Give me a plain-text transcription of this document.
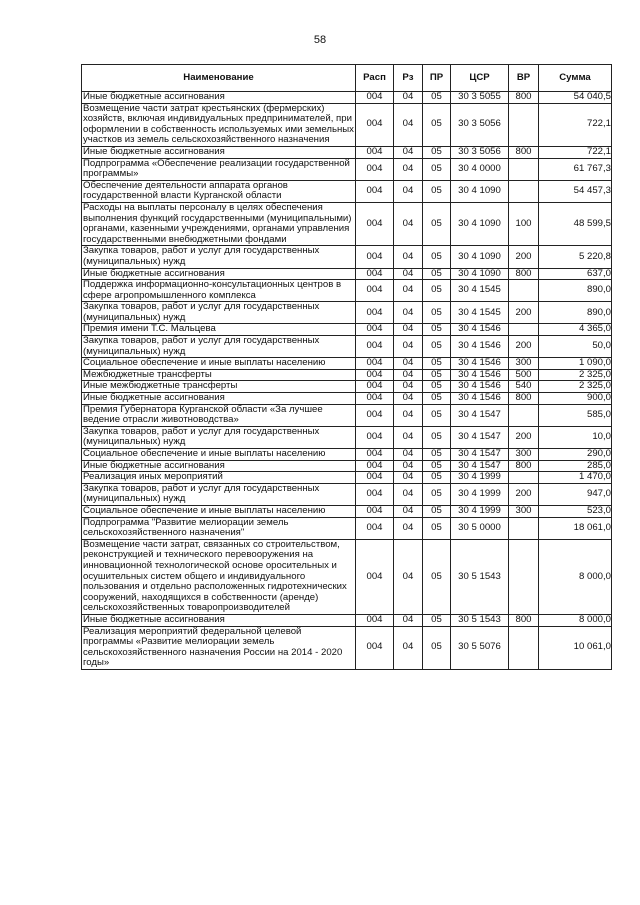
58
Наименование	Расп	Рз	ПР	ЦСР	ВР	Сумма
Иные бюджетные ассигнования	004	04	05	30 3 5055	800	54 040,5
Возмещение части затрат крестьянских (фермерских) хозяйств, включая индивидуальных предпринимателей, при оформлении в собственность используемых ими земельных участков из земель сельскохозяйственного назначения	004	04	05	30 3 5056		722,1
Иные бюджетные ассигнования	004	04	05	30 3 5056	800	722,1
Подпрограмма «Обеспечение реализации государственной программы»	004	04	05	30 4 0000		61 767,3
Обеспечение деятельности аппарата органов государственной власти Курганской области	004	04	05	30 4 1090		54 457,3
Расходы на выплаты персоналу в целях обеспечения выполнения функций государственными (муниципальными) органами, казенными учреждениями, органами управления государственными внебюджетными фондами	004	04	05	30 4 1090	100	48 599,5
Закупка товаров, работ и услуг для государственных (муниципальных) нужд	004	04	05	30 4 1090	200	5 220,8
Иные бюджетные ассигнования	004	04	05	30 4 1090	800	637,0
Поддержка информационно-консультационных центров в сфере агропромышленного комплекса	004	04	05	30 4 1545		890,0
Закупка товаров, работ и услуг для государственных (муниципальных) нужд	004	04	05	30 4 1545	200	890,0
Премия имени Т.С. Мальцева	004	04	05	30 4 1546		4 365,0
Закупка товаров, работ и услуг для государственных (муниципальных) нужд	004	04	05	30 4 1546	200	50,0
Социальное обеспечение и иные выплаты населению	004	04	05	30 4 1546	300	1 090,0
Межбюджетные трансферты	004	04	05	30 4 1546	500	2 325,0
Иные межбюджетные трансферты	004	04	05	30 4 1546	540	2 325,0
Иные бюджетные ассигнования	004	04	05	30 4 1546	800	900,0
Премия Губернатора Курганской области «За лучшее ведение отрасли животноводства»	004	04	05	30 4 1547		585,0
Закупка товаров, работ и услуг для государственных (муниципальных) нужд	004	04	05	30 4 1547	200	10,0
Социальное обеспечение и иные выплаты населению	004	04	05	30 4 1547	300	290,0
Иные бюджетные ассигнования	004	04	05	30 4 1547	800	285,0
Реализация иных мероприятий	004	04	05	30 4 1999		1 470,0
Закупка товаров, работ и услуг для государственных (муниципальных) нужд	004	04	05	30 4 1999	200	947,0
Социальное обеспечение и иные выплаты населению	004	04	05	30 4 1999	300	523,0
Подпрограмма "Развитие мелиорации земель сельскохозяйственного назначения"	004	04	05	30 5 0000		18 061,0
Возмещение части затрат, связанных со строительством, реконструкцией и технического перевооружения на инновационной технологической основе оросительных и осушительных систем общего и индивидуального пользования и отдельно расположенных гидротехнических сооружений, находящихся в собственности (аренде) сельскохозяйственных товаропроизводителей	004	04	05	30 5 1543		8 000,0
Иные бюджетные ассигнования	004	04	05	30 5 1543	800	8 000,0
Реализация мероприятий федеральной целевой программы «Развитие мелиорации земель сельскохозяйственного назначения России на 2014 - 2020 годы»	004	04	05	30 5 5076		10 061,0
